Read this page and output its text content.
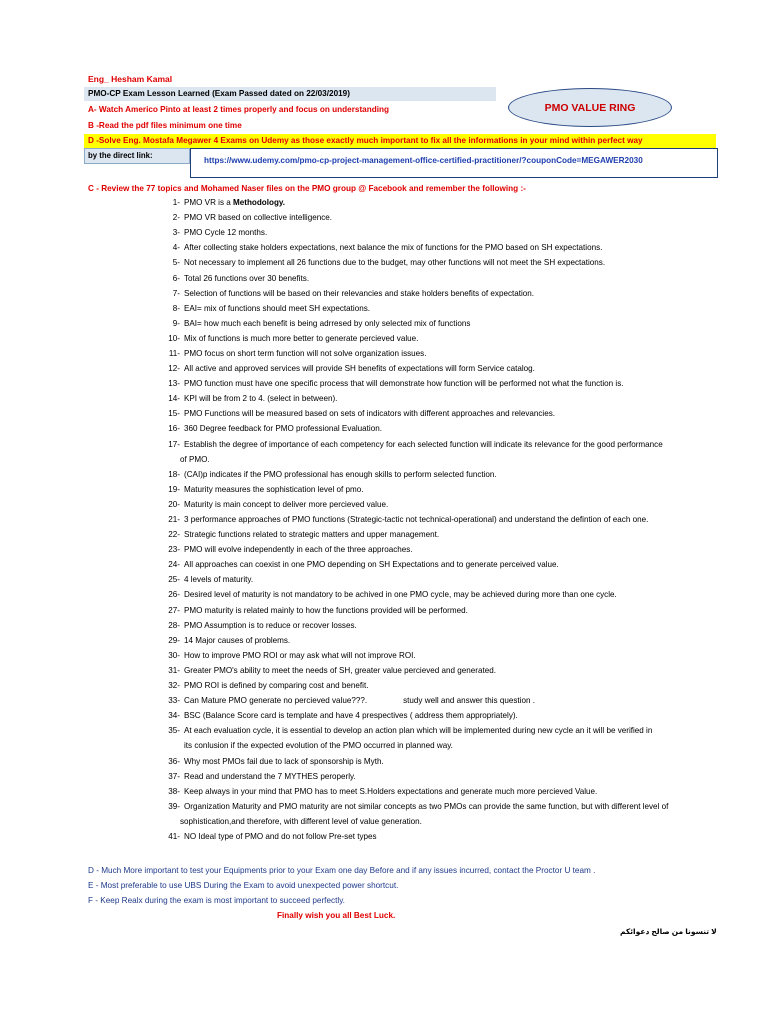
Eng_ Hesham Kamal
PMO-CP Exam Lesson Learned (Exam Passed dated on 22/03/2019)
A- Watch Americo Pinto at least 2 times properly and focus on understanding
B -Read the pdf files minimum one time
D -Solve Eng. Mostafa Megawer 4 Exams on Udemy as those exactly much important to fix all the informations in your mind within perfect way
by the direct link:
https://www.udemy.com/pmo-cp-project-management-office-certified-practitioner/?couponCode=MEGAWER2030
PMO VALUE RING
C - Review the 77 topics and Mohamed Naser files on the PMO group @ Facebook and remember the following :-
1- PMO VR is a Methodology.
2- PMO VR based on collective intelligence.
3- PMO Cycle 12 months.
4- After collecting stake holders expectations, next balance the mix of functions for the PMO based on SH expectations.
5- Not necessary to implement all 26 functions due to the budget, may other functions will not meet the SH expectations.
6- Total 26 functions over 30 benefits.
7- Selection of functions will be based on their relevancies and stake holders benefits of expectation.
8- EAI= mix of functions should meet SH expectations.
9- BAI= how much each benefit is being adrresed by only selected mix of functions
10- Mix of functions is much more better to generate percieved value.
11- PMO focus on short term function will not solve organization issues.
12- All active and approved services will provide SH benefits of expectations will form Service catalog.
13- PMO function must have one specific process that will demonstrate how function will be performed not what the function is.
14- KPI will be from 2 to 4. (select in between).
15- PMO Functions will be measured based on sets of indicators with different approaches and relevancies.
16- 360 Degree feedback for PMO professional Evaluation.
17- Establish the degree of importance of each competency for each selected function will indicate its relevance for the good performance
of PMO.
18- (CAI)p indicates if the PMO professional has enough skills to perform selected function.
19- Maturity measures the sophistication level of pmo.
20- Maturity is main concept to deliver more percieved value.
21- 3 performance approaches of PMO functions (Strategic-tactic not technical-operational) and understand the defintion of each one.
22- Strategic functions related to strategic matters and upper management.
23- PMO will evolve independently in each of the three approaches.
24- All approaches can coexist in one PMO depending on SH Expectations and to generate perceived value.
25- 4 levels of maturity.
26- Desired level of maturity is not mandatory to be achived in one PMO cycle, may be achieved during more than one cycle.
27- PMO maturity is related mainly to how the functions provided will be performed.
28- PMO Assumption is to reduce or recover losses.
29- 14 Major causes of problems.
30- How to improve PMO ROI or may ask what will not improve ROI.
31- Greater PMO's ability to meet the needs of SH, greater value percieved and generated.
32- PMO ROI is defined by comparing cost and benefit.
33- Can Mature PMO generate no percieved value???.	study well and answer this question .
34- BSC (Balance Score card is template and have 4 prespectives ( address them appropriately).
35- At each evaluation cycle, it is essential to develop an action plan which will be implemented during new cycle an it will be verified in
its conlusion if the expected evolution of the PMO occurred in planned way.
36- Why most PMOs fail due to lack of sponsorship is Myth.
37- Read and understand the 7 MYTHES peroperly.
38- Keep always in your mind that PMO has to meet S.Holders expectations and generate much more percieved Value.
39- Organization Maturity and PMO maturity are not similar concepts as two PMOs can provide the same function, but with different level of
sophistication,and therefore, with different level of value generation.
41- NO Ideal type of PMO and do not follow Pre-set types
D - Much More important to test your Equipments prior to your Exam one day Before and if any issues incurred, contact the Proctor U team .
E - Most preferable to use UBS During the Exam to avoid unexpected power shortcut.
F - Keep Realx during the exam is most important to succeed perfectly.
Finally wish you all Best Luck.
لا تنسونا من صالح دعوائكم
